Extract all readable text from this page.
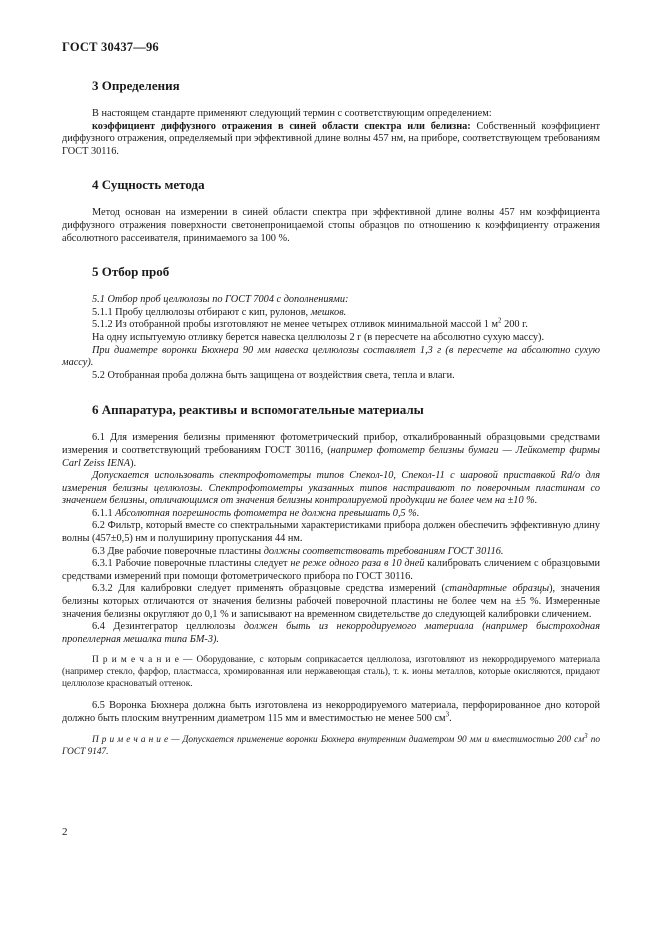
ГОСТ 30437—96
3 Определения

В настоящем стандарте применяют следующий термин с соответствующим определением:

коэффициент диффузного отражения в синей области спектра или белизна: Собственный коэффициент диффузного отражения, определяемый при эффективной длине волны 457 нм, на приборе, соответствующем требованиям ГОСТ 30116.

4 Сущность метода

Метод основан на измерении в синей области спектра при эффективной длине волны 457 нм коэффициента диффузного отражения поверхности светонепроницаемой стопы образцов по отношению к коэффициенту отражения абсолютного рассеивателя, принимаемого за 100 %.

5 Отбор проб

5.1 Отбор проб целлюлозы по ГОСТ 7004 с дополнениями:

5.1.1 Пробу целлюлозы отбирают с кип, рулонов, мешков.

5.1.2 Из отобранной пробы изготовляют не менее четырех отливок минимальной массой 1 $м^2$ 200 г.

На одну испытуемую отливку берется навеска целлюлозы 2 г (в пересчете на абсолютно сухую массу).

При диаметре воронки Бюхнера 90 мм навеска целлюлозы составляет 1,3 г (в пересчете на абсолютно сухую массу).

5.2 Отобранная проба должна быть защищена от воздействия света, тепла и влаги.

6 Аппаратура, реактивы и вспомогательные материалы

6.1 Для измерения белизны применяют фотометрический прибор, откалиброванный образцовыми средствами измерения и соответствующий требованиям ГОСТ 30116, (например фотометр белизны бумаги — Лейкометр фирмы Carl Zeiss IENA).

Допускается использовать спектрофотометры типов Спекол-10, Спекол-11 с шаровой приставкой Rd/o для измерения белизны целлюлозы. Спектрофотометры указанных типов настраивают по поверочным пластинам со значением белизны, отличающимся от значения белизны контролируемой продукции не более чем на ±10 %.

6.1.1 Абсолютная погрешность фотометра не должна превышать 0,5 %.

6.2 Фильтр, который вместе со спектральными характеристиками прибора должен обеспечить эффективную длину волны (457±0,5) нм и полуширину пропускания 44 нм.

6.3 Две рабочие поверочные пластины должны соответствовать требованиям ГОСТ 30116.

6.3.1 Рабочие поверочные пластины следует не реже одного раза в 10 дней калибровать сличением с образцовыми средствами измерений при помощи фотометрического прибора по ГОСТ 30116.

6.3.2 Для калибровки следует применять образцовые средства измерений (стандартные образцы), значения белизны которых отличаются от значения белизны рабочей поверочной пластины не более чем на ±5 %. Измеренные значения белизны округляют до 0,1 % и записывают на временном свидетельстве до следующей калибровки сличением.

6.4 Дезинтегратор целлюлозы должен быть из некорродируемого материала (например быстроходная пропеллерная мешалка типа БМ-3).

П р и м е ч а н и е — Оборудование, с которым соприкасается целлюлоза, изготовляют из некорродируемого материала (например стекло, фарфор, пластмасса, хромированная или нержавеющая сталь), т. к. ионы металлов, которые окисляются, придают целлюлозе красноватый оттенок.

6.5 Воронка Бюхнера должна быть изготовлена из некорродируемого материала, перфорированное дно которой должно быть плоским внутренним диаметром 115 мм и вместимостью не менее 500 $см^3$.

П р и м е ч а н и е — Допускается применение воронки Бюхнера внутренним диаметром 90 мм и вместимостью 200 $см^3$ по ГОСТ 9147.

2
